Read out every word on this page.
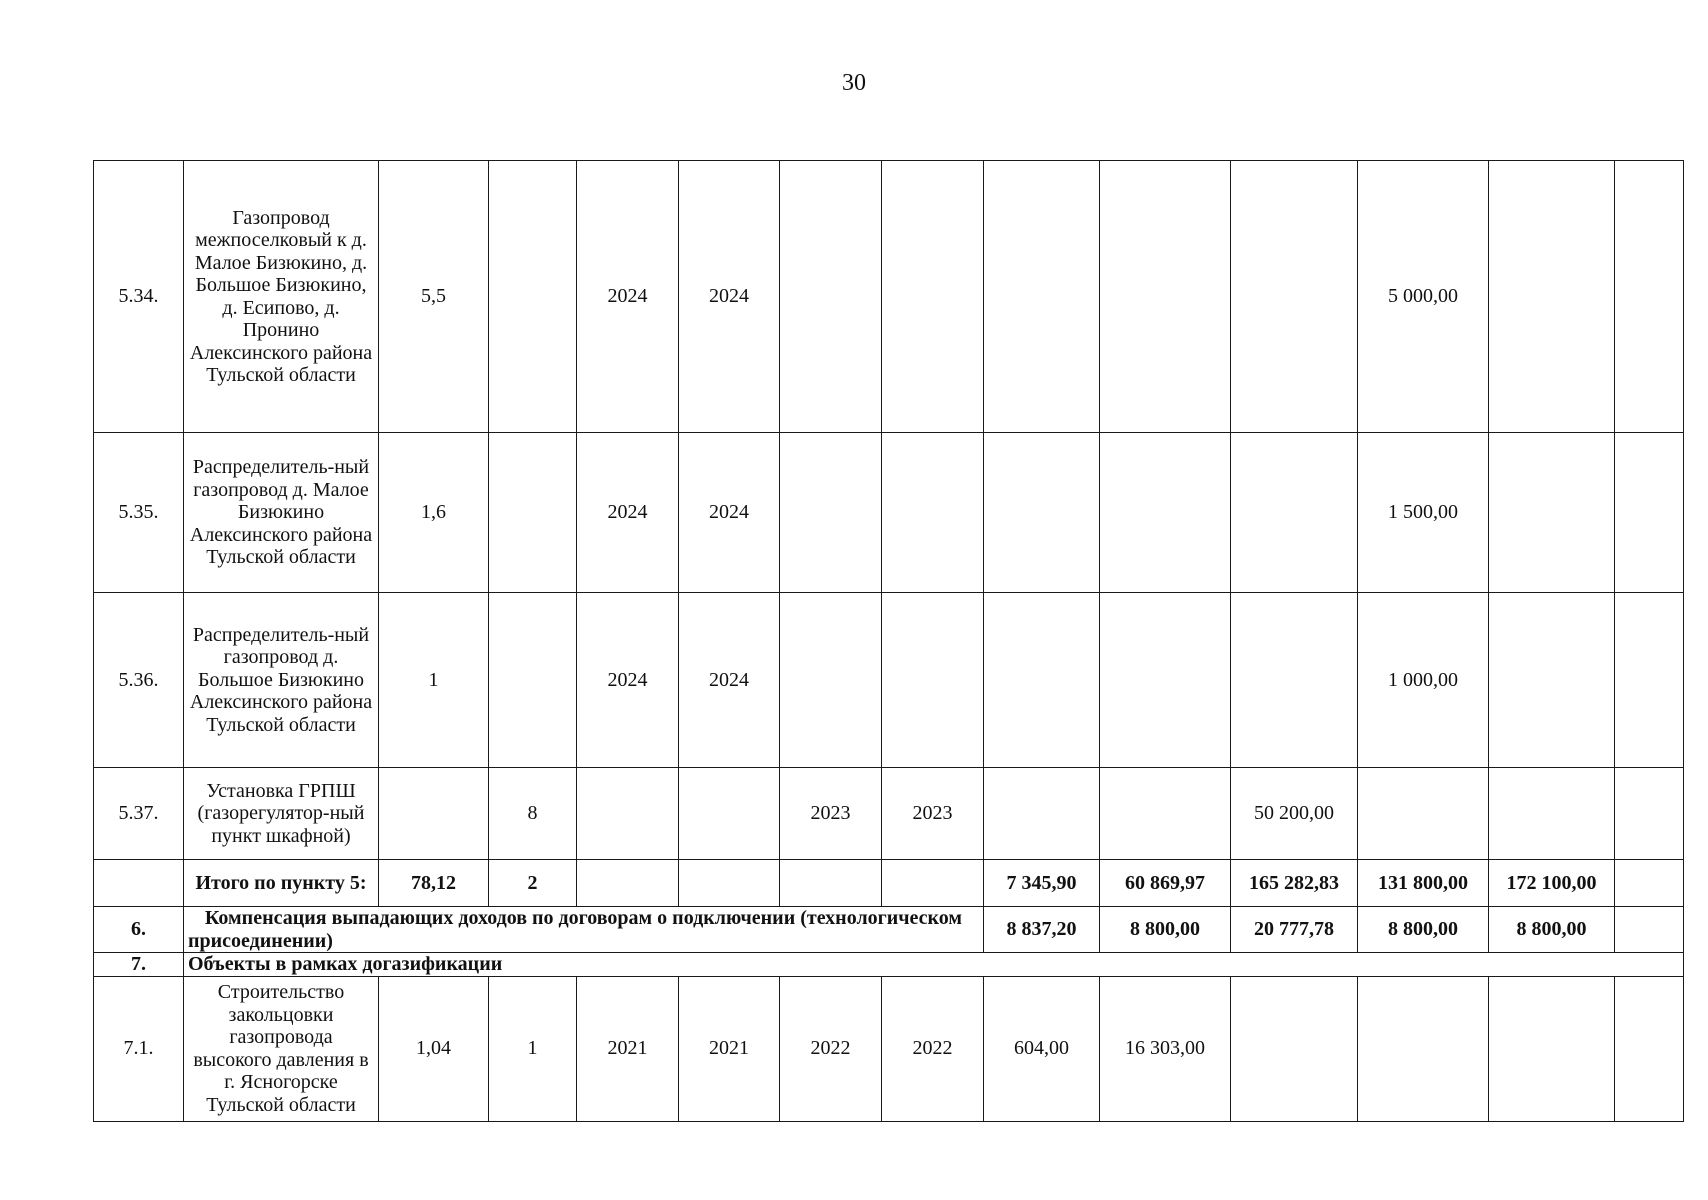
30
5.34.	Газопровод межпоселковый к д. Малое Бизюкино, д. Большое Бизюкино, д. Есипово, д. Пронино Алексинского района Тульской области	5,5		2024	2024						5 000,00		
5.35.	Распределитель-ный газопровод д. Малое Бизюкино Алексинского района Тульской области	1,6		2024	2024						1 500,00		
5.36.	Распределитель-ный газопровод д. Большое Бизюкино Алексинского района Тульской области	1		2024	2024						1 000,00		
5.37.	Установка ГРПШ (газорегулятор-ный пункт шкафной)		8			2023	2023			50 200,00			
	Итого по пункту 5:	78,12	2					7 345,90	60 869,97	165 282,83	131 800,00	172 100,00	
6.	Компенсация выпадающих доходов по договорам о подключении (технологическом присоединении)							8 837,20	8 800,00	20 777,78	8 800,00	8 800,00	
7.	Объекты в рамках догазификации												
7.1.	Строительство закольцовки газопровода высокого давления в г. Ясногорске Тульской области	1,04	1	2021	2021	2022	2022	604,00	16 303,00				
